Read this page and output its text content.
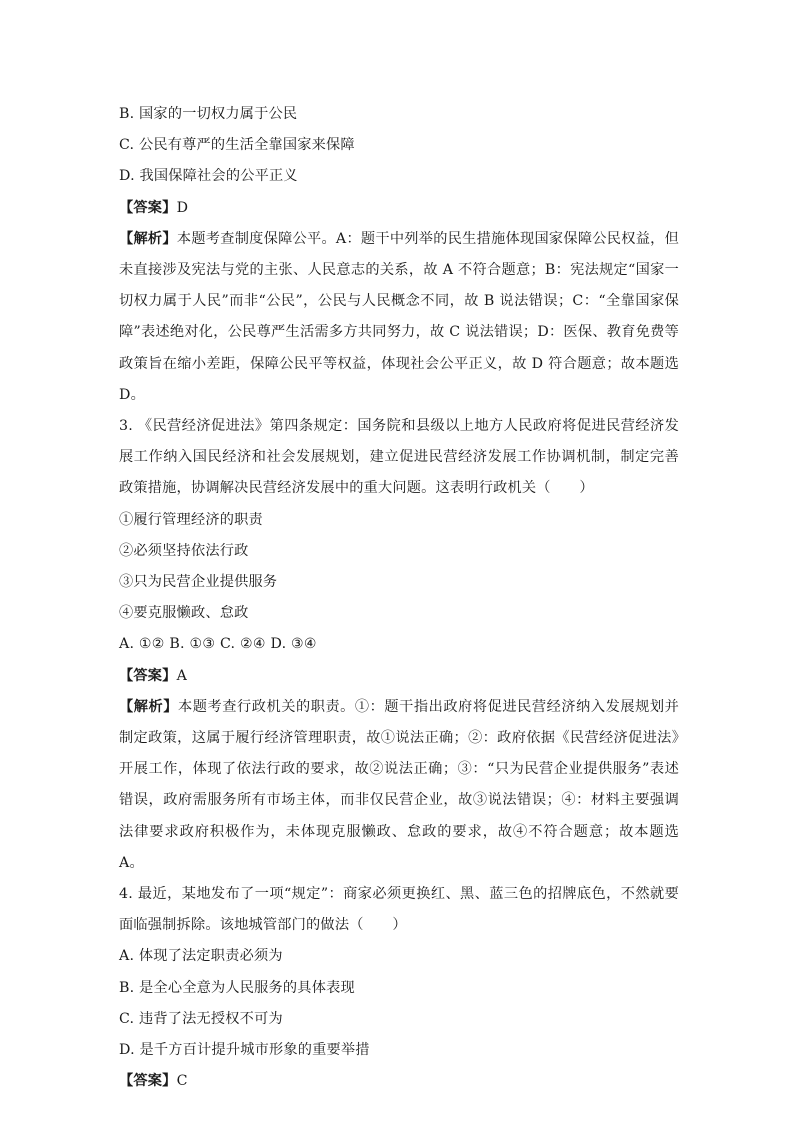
B. 国家的一切权力属于公民
C. 公民有尊严的生活全靠国家来保障
D. 我国保障社会的公平正义
【答案】D
【解析】本题考查制度保障公平。A：题干中列举的民生措施体现国家保障公民权益，但未直接涉及宪法与党的主张、人民意志的关系，故 A 不符合题意；B：宪法规定“国家一切权力属于人民”而非“公民”，公民与人民概念不同，故 B 说法错误；C：“全靠国家保障”表述绝对化，公民尊严生活需多方共同努力，故 C 说法错误；D：医保、教育免费等政策旨在缩小差距，保障公民平等权益，体现社会公平正义，故 D 符合题意；故本题选 D。
3. 《民营经济促进法》第四条规定：国务院和县级以上地方人民政府将促进民营经济发展工作纳入国民经济和社会发展规划，建立促进民营经济发展工作协调机制，制定完善政策措施，协调解决民营经济发展中的重大问题。这表明行政机关（　　）
①履行管理经济的职责
②必须坚持依法行政
③只为民营企业提供服务
④要克服懒政、怠政
A. ①② B. ①③ C. ②④ D. ③④
【答案】A
【解析】本题考查行政机关的职责。①：题干指出政府将促进民营经济纳入发展规划并制定政策，这属于履行经济管理职责，故①说法正确；②：政府依据《民营经济促进法》开展工作，体现了依法行政的要求，故②说法正确；③：“只为民营企业提供服务”表述错误，政府需服务所有市场主体，而非仅民营企业，故③说法错误；④：材料主要强调法律要求政府积极作为，未体现克服懒政、怠政的要求，故④不符合题意；故本题选 A。
4. 最近，某地发布了一项“规定”：商家必须更换红、黑、蓝三色的招牌底色，不然就要面临强制拆除。该地城管部门的做法（　　）
A. 体现了法定职责必须为
B. 是全心全意为人民服务的具体表现
C. 违背了法无授权不可为
D. 是千方百计提升城市形象的重要举措
【答案】C
